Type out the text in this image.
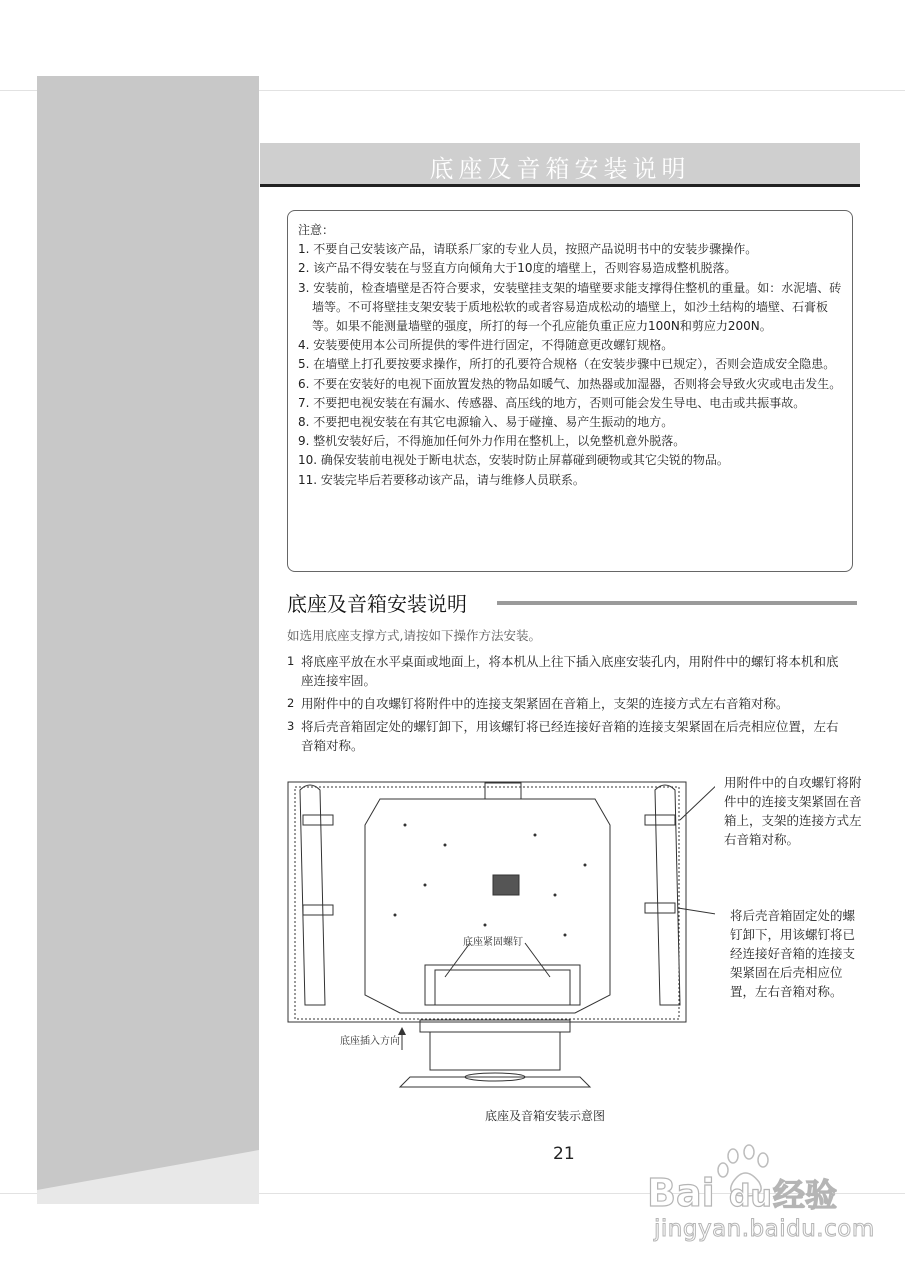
底座及音箱安装说明
注意：
1. 不要自己安装该产品，请联系厂家的专业人员，按照产品说明书中的安装步骤操作。
2. 该产品不得安装在与竖直方向倾角大于10度的墙壁上，否则容易造成整机脱落。
3. 安装前，检查墙壁是否符合要求，安装壁挂支架的墙壁要求能支撑得住整机的重量。如：水泥墙、砖墙等。不可将壁挂支架安装于质地松软的或者容易造成松动的墙壁上，如沙土结构的墙壁、石膏板等。如果不能测量墙壁的强度，所打的每一个孔应能负重正应力100N和剪应力200N。
4. 安装要使用本公司所提供的零件进行固定，不得随意更改螺钉规格。
5. 在墙壁上打孔要按要求操作，所打的孔要符合规格（在安装步骤中已规定），否则会造成安全隐患。
6. 不要在安装好的电视下面放置发热的物品如暖气、加热器或加湿器，否则将会导致火灾或电击发生。
7. 不要把电视安装在有漏水、传感器、高压线的地方，否则可能会发生导电、电击或共振事故。
8. 不要把电视安装在有其它电源输入、易于碰撞、易产生振动的地方。
9. 整机安装好后，不得施加任何外力作用在整机上，以免整机意外脱落。
10. 确保安装前电视处于断电状态，安装时防止屏幕碰到硬物或其它尖锐的物品。
11. 安装完毕后若要移动该产品，请与维修人员联系。
底座及音箱安装说明
如选用底座支撑方式,请按如下操作方法安装。
1 将底座平放在水平桌面或地面上，将本机从上往下插入底座安装孔内，用附件中的螺钉将本机和底座连接牢固。
2 用附件中的自攻螺钉将附件中的连接支架紧固在音箱上，支架的连接方式左右音箱对称。
3 将后壳音箱固定处的螺钉卸下，用该螺钉将已经连接好音箱的连接支架紧固在后壳相应位置，左右音箱对称。
底座紧固螺钉
底座插入方向
用附件中的自攻螺钉将附件中的连接支架紧固在音箱上，支架的连接方式左右音箱对称。
将后壳音箱固定处的螺钉卸下，用该螺钉将已经连接好音箱的连接支架紧固在后壳相应位置，左右音箱对称。
底座及音箱安装示意图
21
Bai du 经验
jingyan.baidu.com
